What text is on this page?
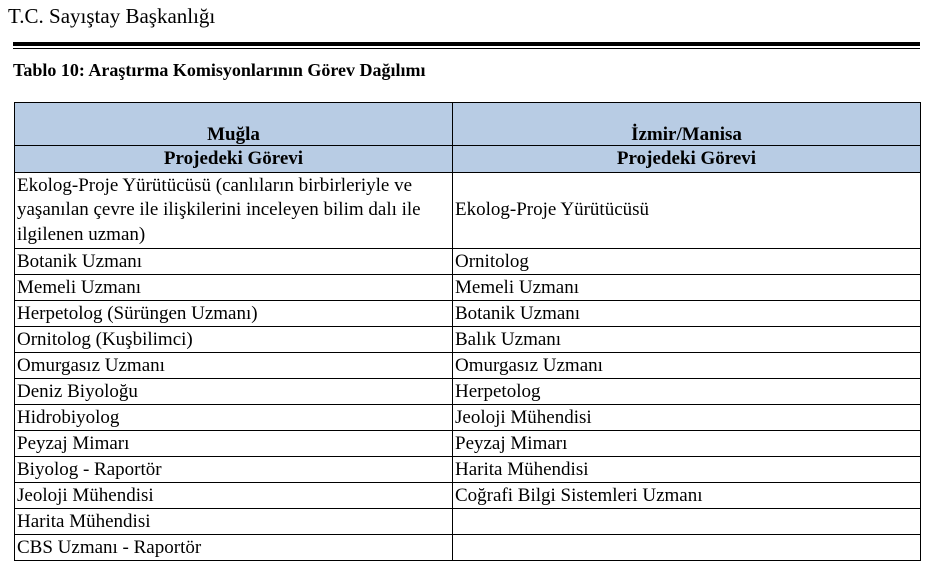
T.C. Sayıştay Başkanlığı
Tablo 10: Araştırma Komisyonlarının Görev Dağılımı
Muğla	İzmir/Manisa
Projedeki Görevi	Projedeki Görevi
Ekolog-Proje Yürütücüsü (canlıların birbirleriyle ve yaşanılan çevre ile ilişkilerini inceleyen bilim dalı ile ilgilenen uzman)	Ekolog-Proje Yürütücüsü
Botanik Uzmanı	Ornitolog
Memeli Uzmanı	Memeli Uzmanı
Herpetolog (Sürüngen Uzmanı)	Botanik Uzmanı
Ornitolog (Kuşbilimci)	Balık Uzmanı
Omurgasız Uzmanı	Omurgasız Uzmanı
Deniz Biyoloğu	Herpetolog
Hidrobiyolog	Jeoloji Mühendisi
Peyzaj Mimarı	Peyzaj Mimarı
Biyolog - Raportör	Harita Mühendisi
Jeoloji Mühendisi	Coğrafi Bilgi Sistemleri Uzmanı
Harita Mühendisi	
CBS Uzmanı - Raportör	
